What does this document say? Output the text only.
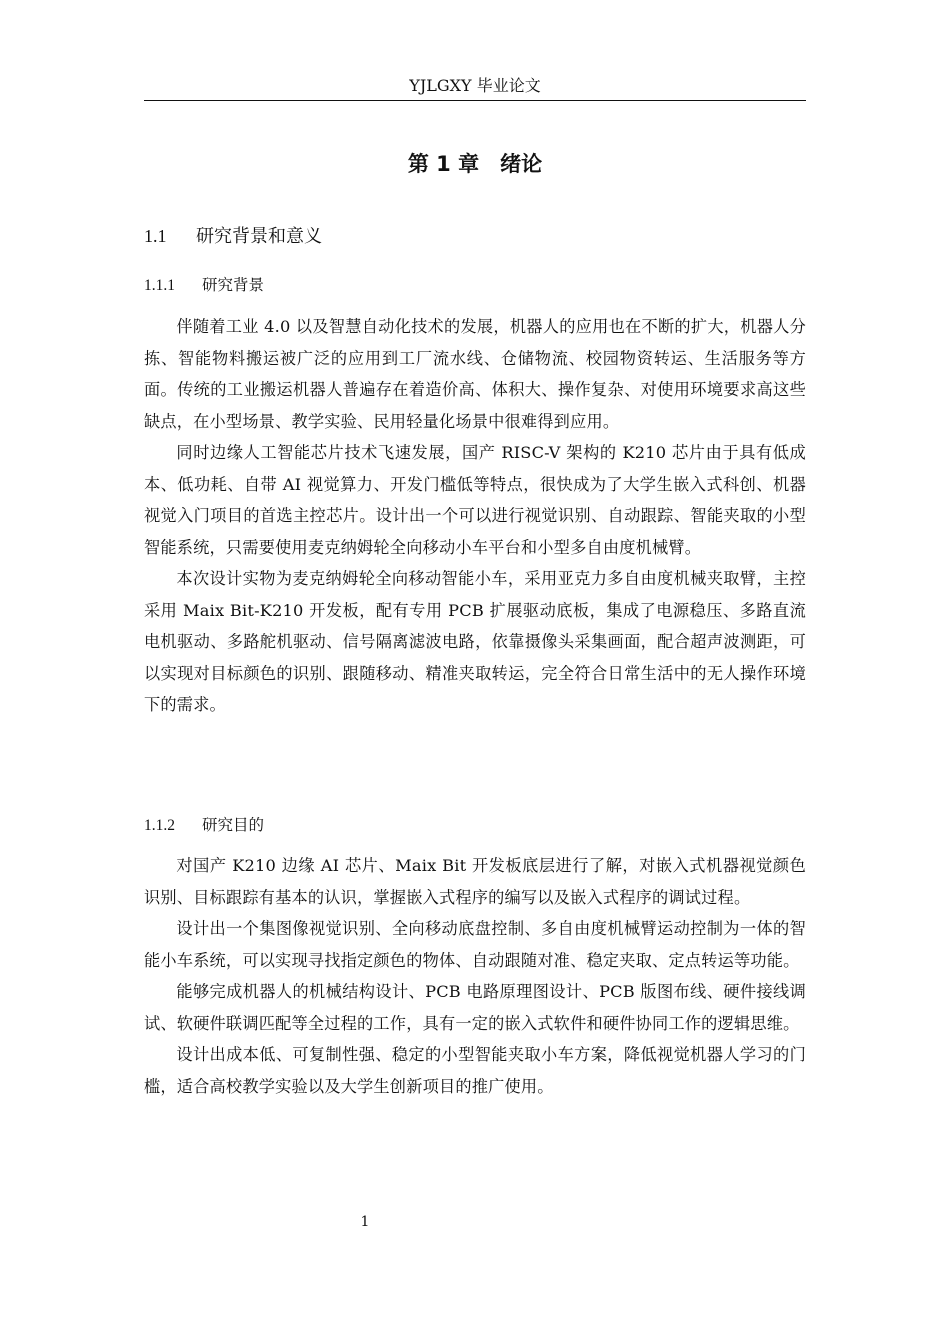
YJLGXY 毕业论文
第 1 章　绪论
1.1 研究背景和意义
1.1.1 研究背景

伴随着工业 4.0 以及智慧自动化技术的发展，机器人的应用也在不断的扩大，机器人分拣、智能物料搬运被广泛的应用到工厂流水线、仓储物流、校园物资转运、生活服务等方面。传统的工业搬运机器人普遍存在着造价高、体积大、操作复杂、对使用环境要求高这些缺点，在小型场景、教学实验、民用轻量化场景中很难得到应用。

同时边缘人工智能芯片技术飞速发展，国产 RISC-V 架构的 K210 芯片由于具有低成本、低功耗、自带 AI 视觉算力、开发门槛低等特点，很快成为了大学生嵌入式科创、机器视觉入门项目的首选主控芯片。设计出一个可以进行视觉识别、自动跟踪、智能夹取的小型智能系统，只需要使用麦克纳姆轮全向移动小车平台和小型多自由度机械臂。

本次设计实物为麦克纳姆轮全向移动智能小车，采用亚克力多自由度机械夹取臂，主控采用 Maix Bit-K210 开发板，配有专用 PCB 扩展驱动底板，集成了电源稳压、多路直流电机驱动、多路舵机驱动、信号隔离滤波电路，依靠摄像头采集画面，配合超声波测距，可以实现对目标颜色的识别、跟随移动、精准夹取转运，完全符合日常生活中的无人操作环境下的需求。

1.1.2 研究目的

对国产 K210 边缘 AI 芯片、Maix Bit 开发板底层进行了解，对嵌入式机器视觉颜色识别、目标跟踪有基本的认识，掌握嵌入式程序的编写以及嵌入式程序的调试过程。

设计出一个集图像视觉识别、全向移动底盘控制、多自由度机械臂运动控制为一体的智能小车系统，可以实现寻找指定颜色的物体、自动跟随对准、稳定夹取、定点转运等功能。

能够完成机器人的机械结构设计、PCB 电路原理图设计、PCB 版图布线、硬件接线调试、软硬件联调匹配等全过程的工作，具有一定的嵌入式软件和硬件协同工作的逻辑思维。

设计出成本低、可复制性强、稳定的小型智能夹取小车方案，降低视觉机器人学习的门槛，适合高校教学实验以及大学生创新项目的推广使用。

1
